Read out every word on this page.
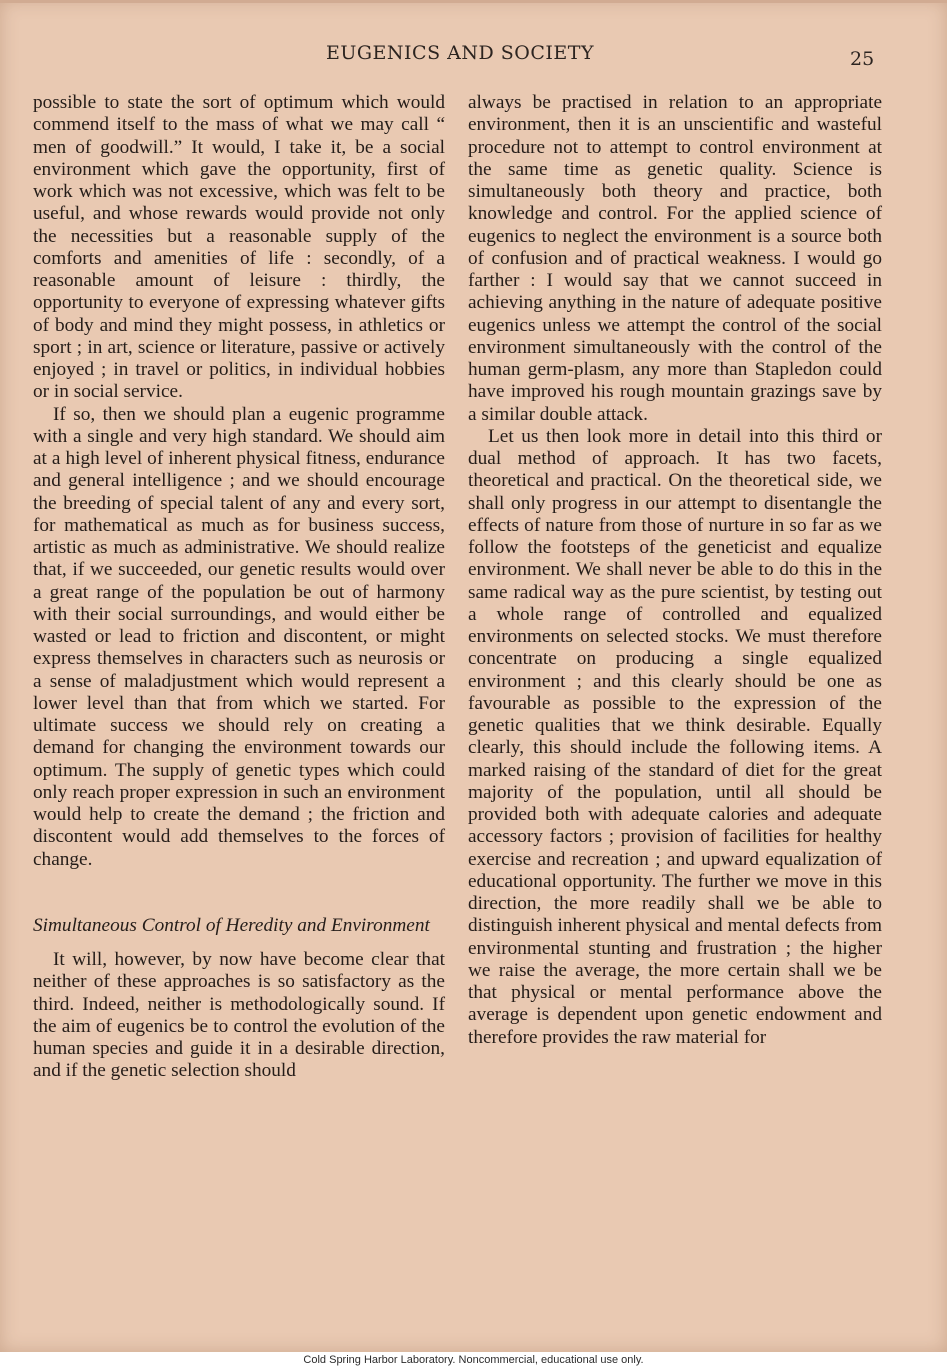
EUGENICS AND SOCIETY	25

possible to state the sort of optimum which would commend itself to the mass of what we may call “ men of goodwill.” It would, I take it, be a social environment which gave the opportunity, first of work which was not excessive, which was felt to be useful, and whose rewards would provide not only the necessities but a reasonable supply of the comforts and amenities of life : secondly, of a reasonable amount of leisure : thirdly, the opportunity to everyone of expressing whatever gifts of body and mind they might possess, in athletics or sport ; in art, science or literature, passive or actively enjoyed ; in travel or politics, in individual hobbies or in social service.

If so, then we should plan a eugenic programme with a single and very high standard. We should aim at a high level of inherent physical fitness, endurance and general intelligence ; and we should encourage the breeding of special talent of any and every sort, for mathematical as much as for business success, artistic as much as administrative. We should realize that, if we succeeded, our genetic results would over a great range of the population be out of harmony with their social surroundings, and would either be wasted or lead to friction and discontent, or might express themselves in characters such as neurosis or a sense of maladjustment which would represent a lower level than that from which we started. For ultimate success we should rely on creating a demand for changing the environment towards our optimum. The supply of genetic types which could only reach proper expression in such an environment would help to create the demand ; the friction and discontent would add themselves to the forces of change.

Simultaneous Control of Heredity and Environment

It will, however, by now have become clear that neither of these approaches is so satisfactory as the third. Indeed, neither is methodologically sound. If the aim of eugenics be to control the evolution of the human species and guide it in a desirable direction, and if the genetic selection should

always be practised in relation to an appropriate environment, then it is an unscientific and wasteful procedure not to attempt to control environment at the same time as genetic quality. Science is simultaneously both theory and practice, both knowledge and control. For the applied science of eugenics to neglect the environment is a source both of confusion and of practical weakness. I would go farther : I would say that we cannot succeed in achieving anything in the nature of adequate positive eugenics unless we attempt the control of the social environment simultaneously with the control of the human germ-plasm, any more than Stapledon could have improved his rough mountain grazings save by a similar double attack.

Let us then look more in detail into this third or dual method of approach. It has two facets, theoretical and practical. On the theoretical side, we shall only progress in our attempt to disentangle the effects of nature from those of nurture in so far as we follow the footsteps of the geneticist and equalize environment. We shall never be able to do this in the same radical way as the pure scientist, by testing out a whole range of controlled and equalized environments on selected stocks. We must therefore concentrate on producing a single equalized environment ; and this clearly should be one as favourable as possible to the expression of the genetic qualities that we think desirable. Equally clearly, this should include the following items. A marked raising of the standard of diet for the great majority of the population, until all should be provided both with adequate calories and adequate accessory factors ; provision of facilities for healthy exercise and recreation ; and upward equalization of educational opportunity. The further we move in this direction, the more readily shall we be able to distinguish inherent physical and mental defects from environmental stunting and frustration ; the higher we raise the average, the more certain shall we be that physical or mental performance above the average is dependent upon genetic endowment and therefore provides the raw material for

Cold Spring Harbor Laboratory. Noncommercial, educational use only.
